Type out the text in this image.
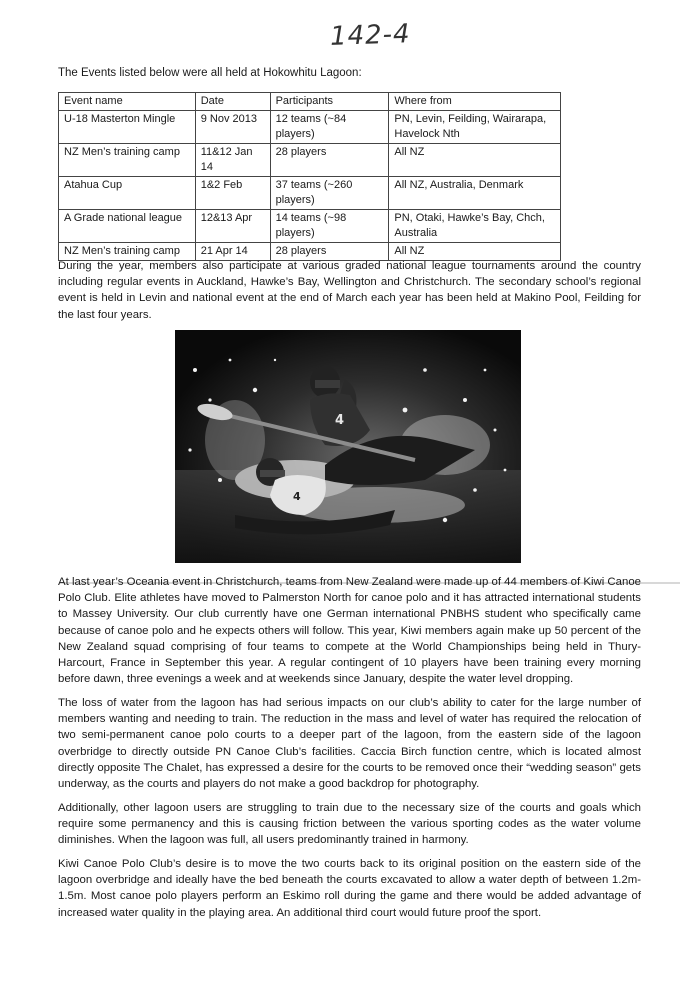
142-4

The Events listed below were all held at Hokowhitu Lagoon:

Event name	Date	Participants	Where from
U-18 Masterton Mingle	9 Nov 2013	12 teams (~84 players)	PN, Levin, Feilding, Wairarapa, Havelock Nth
NZ Men’s training camp	11&12 Jan 14	28 players	All NZ
Atahua Cup	1&2 Feb	37 teams (~260 players)	All NZ, Australia, Denmark
A Grade national league	12&13 Apr	14 teams (~98 players)	PN, Otaki, Hawke’s Bay, Chch, Australia
NZ Men’s training camp	21 Apr 14	28 players	All NZ

During the year, members also participate at various graded national league tournaments around the country including regular events in Auckland, Hawke’s Bay, Wellington and Christchurch. The secondary school’s regional event is held in Levin and national event at the end of March each year has been held at Makino Pool, Feilding for the last four years.

4
4

At last year’s Oceania event in Christchurch, teams from New Zealand were made up of 44 members of Kiwi Canoe Polo Club. Elite athletes have moved to Palmerston North for canoe polo and it has attracted international students to Massey University. Our club currently have one German international PNBHS student who specifically came because of canoe polo and he expects others will follow. This year, Kiwi members again make up 50 percent of the New Zealand squad comprising of four teams to compete at the World Championships being held in Thury-Harcourt, France in September this year. A regular contingent of 10 players have been training every morning before dawn, three evenings a week and at weekends since January, despite the water level dropping.

The loss of water from the lagoon has had serious impacts on our club’s ability to cater for the large number of members wanting and needing to train. The reduction in the mass and level of water has required the relocation of two semi-permanent canoe polo courts to a deeper part of the lagoon, from the eastern side of the lagoon overbridge to directly outside PN Canoe Club’s facilities. Caccia Birch function centre, which is located almost directly opposite The Chalet, has expressed a desire for the courts to be removed once their “wedding season” gets underway, as the courts and players do not make a good backdrop for photography.

Additionally, other lagoon users are struggling to train due to the necessary size of the courts and goals which require some permanency and this is causing friction between the various sporting codes as the water volume diminishes. When the lagoon was full, all users predominantly trained in harmony.

Kiwi Canoe Polo Club’s desire is to move the two courts back to its original position on the eastern side of the lagoon overbridge and ideally have the bed beneath the courts excavated to allow a water depth of between 1.2m-1.5m. Most canoe polo players perform an Eskimo roll during the game and there would be added advantage of increased water quality in the playing area. An additional third court would future proof the sport.
